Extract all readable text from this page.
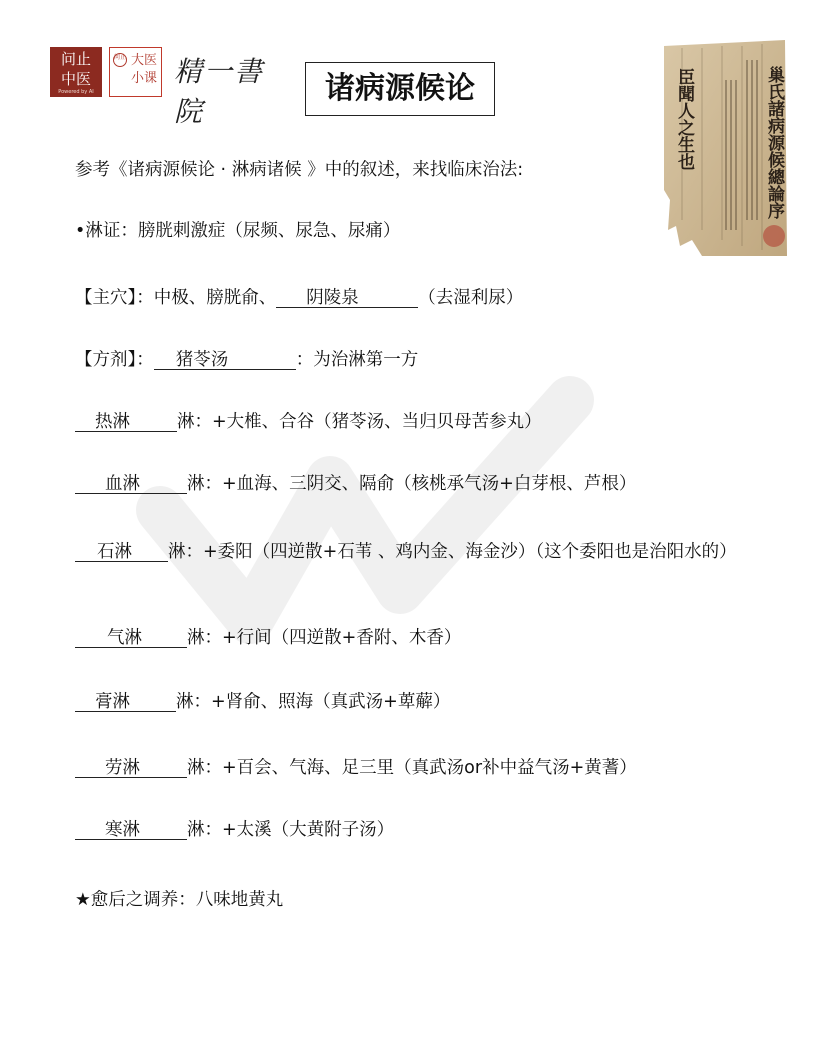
问止
中医
Powered by AI
问止 大医
小课 精一書院
诸病源候论	巢氏諸病源候總論序
臣聞人之生也
参考《诸病源候论 · 淋病诸候 》中的叙述，来找临床治法:
•淋证：膀胱刺激症（尿频、尿急、尿痛）
【主穴】：中极、膀胱俞、 阴陵泉	（去湿利尿）
【方剂】： 猪苓汤	：为治淋第一方
热淋	淋：+大椎、合谷（猪苓汤、当归贝母苦参丸）
血淋	淋：+血海、三阴交、隔俞（核桃承气汤+白芽根、芦根）
石淋 淋：+委阳（四逆散+石苇 、鸡内金、海金沙）（这个委阳也是治阳水的）
气淋	淋：+行间（四逆散+香附、木香）
膏淋	淋：+肾俞、照海（真武汤+萆薢）
劳淋	淋：+百会、气海、足三里（真武汤or补中益气汤+黄蓍）
寒淋	淋：+太溪（大黄附子汤）
★愈后之调养：八味地黄丸
